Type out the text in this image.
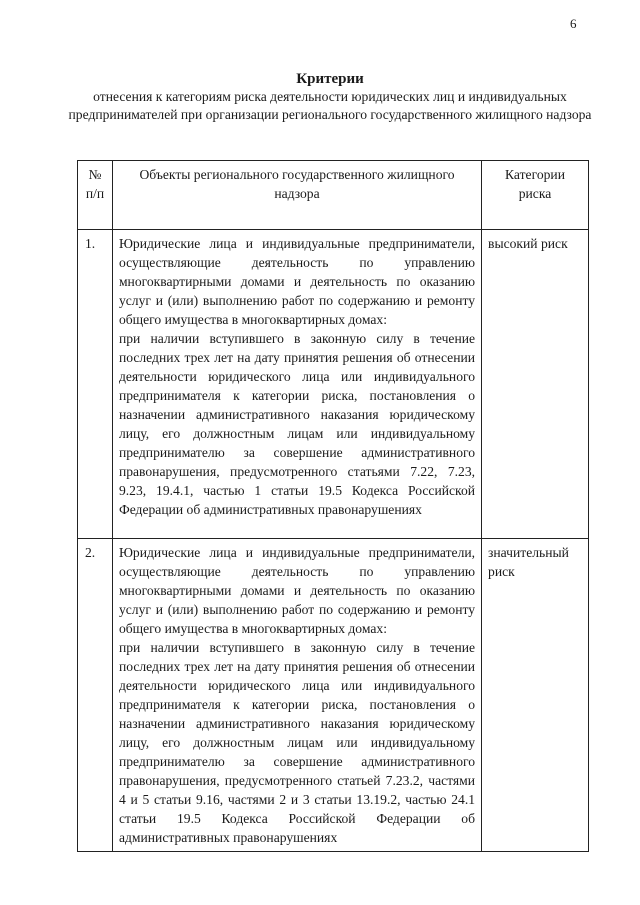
6
Критерии
отнесения к категориям риска деятельности юридических лиц и индивидуальных предпринимателей при организации регионального государственного жилищного надзора
№ п/п	Объекты регионального государственного жилищного надзора	Категории риска
1.	Юридические лица и индивидуальные предприниматели, осуществляющие деятельность по управлению многоквартирными домами и деятельность по оказанию услуг и (или) выполнению работ по содержанию и ремонту общего имущества в многоквартирных домах:

при наличии вступившего в законную силу в течение последних трех лет на дату принятия решения об отнесении деятельности юридического лица или индивидуального предпринимателя к категории риска, постановления о назначении административного наказания юридическому лицу, его должностным лицам или индивидуальному предпринимателю за совершение административного правонарушения, предусмотренного статьями 7.22, 7.23, 9.23, 19.4.1, частью 1 статьи 19.5 Кодекса Российской Федерации об административных правонарушениях	высокий риск
2.	Юридические лица и индивидуальные предприниматели, осуществляющие деятельность по управлению многоквартирными домами и деятельность по оказанию услуг и (или) выполнению работ по содержанию и ремонту общего имущества в многоквартирных домах:

при наличии вступившего в законную силу в течение последних трех лет на дату принятия решения об отнесении деятельности юридического лица или индивидуального предпринимателя к категории риска, постановления о назначении административного наказания юридическому лицу, его должностным лицам или индивидуальному предпринимателю за совершение административного правонарушения, предусмотренного статьей 7.23.2, частями 4 и 5 статьи 9.16, частями 2 и 3 статьи 13.19.2, частью 24.1 статьи 19.5 Кодекса Российской Федерации об административных правонарушениях	значительный риск
